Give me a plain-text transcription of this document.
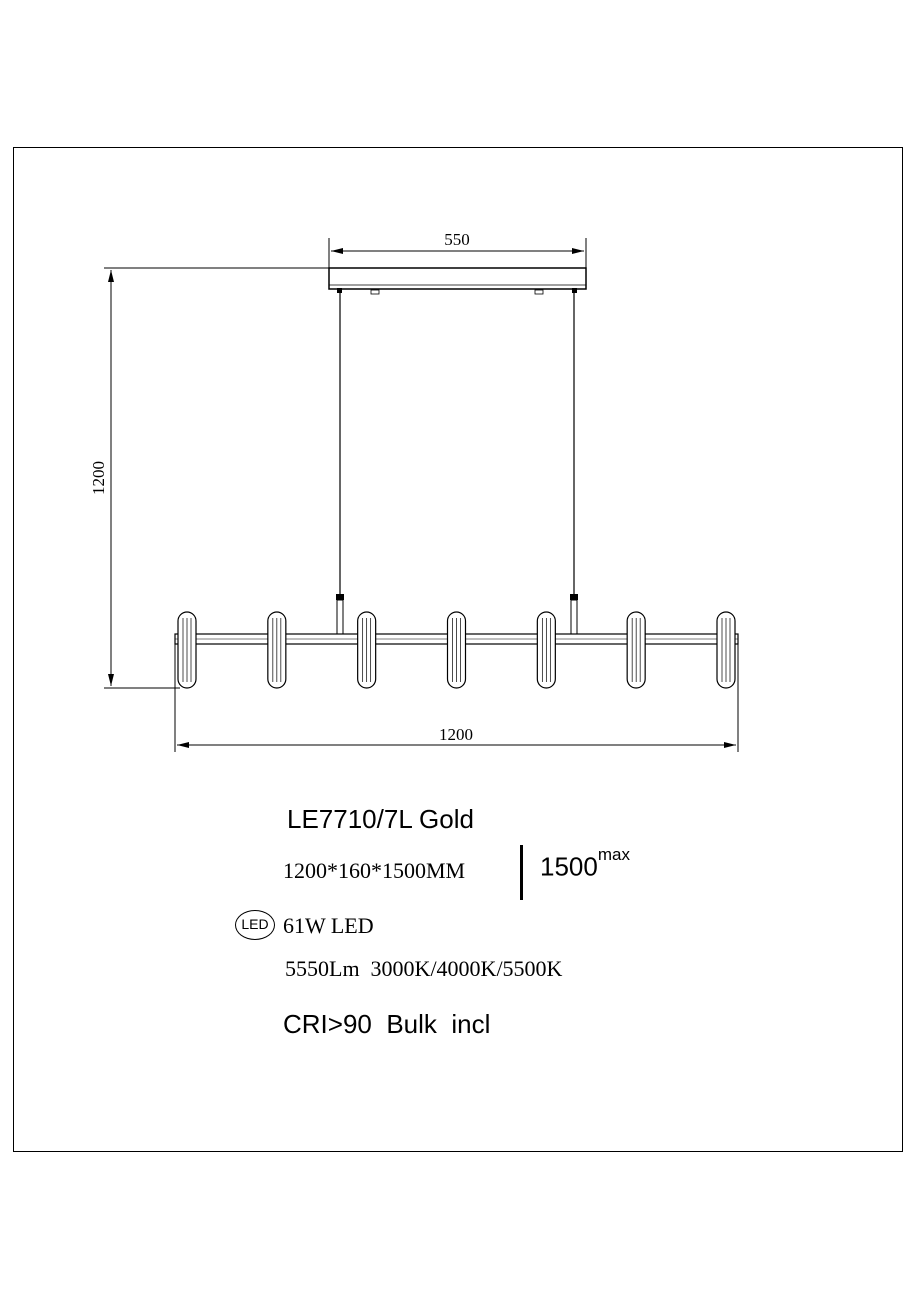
550
1200
1200
LE7710/7L Gold
1200*160*1500MM	$1500^{max}$
LED 61W LED
5550Lm  3000K/4000K/5500K
CRI>90  Bulk  incl
